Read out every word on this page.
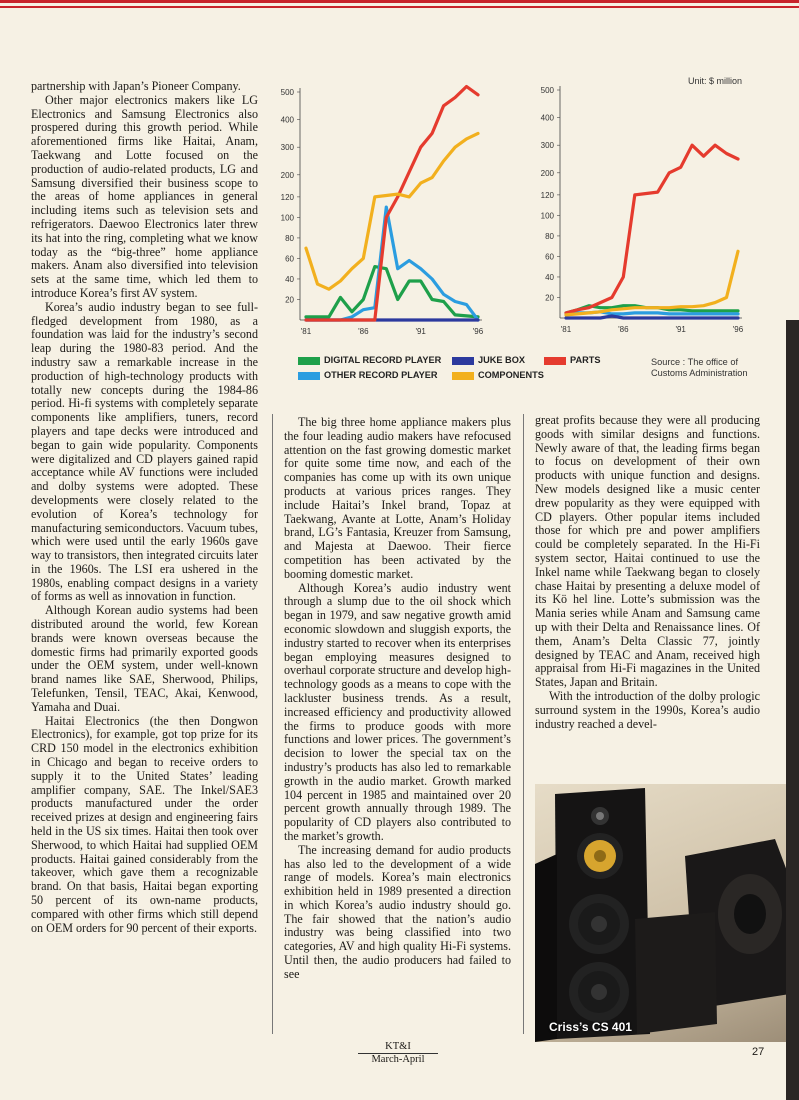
500
400
300
200
120
100
80
60
40
20
'81	'86	'91	'96
500
400
300
200
120
100
80
60
40
20
'81	'86	'91	'96
Unit: $ million
DIGITAL RECORD PLAYER	JUKE BOX	PARTS
OTHER RECORD PLAYER	COMPONENTS
Source : The office of
Customs Administration

partnership with Japan’s Pioneer Company.

Other major electronics makers like LG Electronics and Samsung Electronics also prospered during this growth period. While aforementioned firms like Haitai, Anam, Taekwang and Lotte focused on the production of audio-related products, LG and Samsung diversified their business scope to the areas of home appliances in general including items such as television sets and refrigerators. Daewoo Electronics later threw its hat into the ring, completing what we know today as the “big-three” home appliance makers. Anam also diversified into television sets at the same time, which led them to introduce Korea’s first AV system.

Korea’s audio industry began to see full-fledged development from 1980, as a foundation was laid for the industry’s second leap during the 1980-83 period. And the industry saw a remarkable increase in the production of high-technology products with totally new concepts during the 1984-86 period. Hi-fi systems with completely separate components like amplifiers, tuners, record players and tape decks were introduced and began to gain wide popularity. Components were digitalized and CD players gained rapid acceptance while AV functions were included and dolby systems were adopted. These developments were closely related to the evolution of Korea’s technology for manufacturing semiconductors. Vacuum tubes, which were used until the early 1960s gave way to transistors, then integrated circuits later in the 1960s. The LSI era ushered in the 1980s, enabling compact designs in a variety of forms as well as innovation in function.

Although Korean audio systems had been distributed around the world, few Korean brands were known overseas because the domestic firms had primarily exported goods under the OEM system, under well-known brand names like SAE, Sherwood, Philips, Telefunken, Tensil, TEAC, Akai, Kenwood, Yamaha and Duai.

Haitai Electronics (the then Dongwon Electronics), for example, got top prize for its CRD 150 model in the electronics exhibition in Chicago and began to receive orders to supply it to the United States’ leading amplifier company, SAE. The Inkel/SAE3 products manufactured under the order received prizes at design and engineering fairs held in the US six times. Haitai then took over Sherwood, to which Haitai had supplied OEM products. Haitai gained considerably from the takeover, which gave them a recognizable brand. On that basis, Haitai began exporting 50 percent of its own-name products, compared with other firms which still depend on OEM orders for 90 percent of their exports.

The big three home appliance makers plus the four leading audio makers have refocused attention on the fast growing domestic market for quite some time now, and each of the companies has come up with its own unique products at various prices ranges. They include Haitai’s Inkel brand, Topaz at Taekwang, Avante at Lotte, Anam’s Holiday brand, LG’s Fantasia, Kreuzer from Samsung, and Majesta at Daewoo. Their fierce competition has been activated by the booming domestic market.

Although Korea’s audio industry went through a slump due to the oil shock which began in 1979, and saw negative growth amid economic slowdown and sluggish exports, the industry started to recover when its enterprises began employing measures designed to overhaul corporate structure and develop high-technology goods as a means to cope with the lackluster business trends. As a result, increased efficiency and productivity allowed the firms to produce goods with more functions and lower prices. The government’s decision to lower the special tax on the industry’s products has also led to remarkable growth in the audio market. Growth marked 104 percent in 1985 and maintained over 20 percent growth annually through 1989. The popularity of CD players also contributed to the market’s growth.

The increasing demand for audio products has also led to the development of a wide range of models. Korea’s main electronics exhibition held in 1989 presented a direction in which Korea’s audio industry should go. The fair showed that the nation’s audio industry was being classified into two categories, AV and high quality Hi-Fi systems. Until then, the audio producers had failed to see

great profits because they were all producing goods with similar designs and functions. Newly aware of that, the leading firms began to focus on development of their own products with unique function and designs. New models designed like a music center drew popularity as they were equipped with CD players. Other popular items included those for which pre and power amplifiers could be completely separated. In the Hi-Fi system sector, Haitai continued to use the Inkel name while Taekwang began to closely chase Haitai by presenting a deluxe model of its Kö hel line. Lotte’s submission was the Mania series while Anam and Samsung came up with their Delta and Renaissance lines. Of them, Anam’s Delta Classic 77, jointly designed by TEAC and Anam, received high appraisal from Hi-Fi magazines in the United States, Japan and Britain.

With the introduction of the dolby prologic surround system in the 1990s, Korea’s audio industry reached a devel-

Criss’s CS 401
KT&I
March-April
27
